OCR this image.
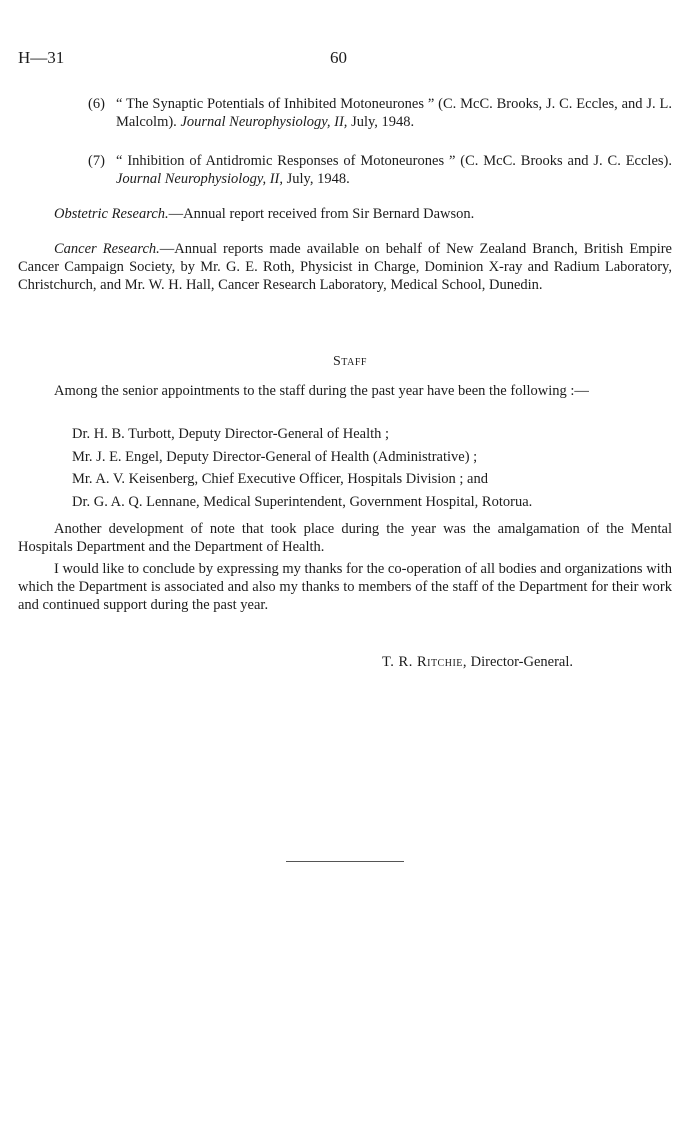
H—31	60
(6) “ The Synaptic Potentials of Inhibited Motoneurones ” (C. McC. Brooks, J. C. Eccles, and J. L. Malcolm). Journal Neurophysiology, II, July, 1948.
(7) “ Inhibition of Antidromic Responses of Motoneurones ” (C. McC. Brooks and J. C. Eccles). Journal Neurophysiology, II, July, 1948.
Obstetric Research.—Annual report received from Sir Bernard Dawson.
Cancer Research.—Annual reports made available on behalf of New Zealand Branch, British Empire Cancer Campaign Society, by Mr. G. E. Roth, Physicist in Charge, Dominion X-ray and Radium Laboratory, Christchurch, and Mr. W. H. Hall, Cancer Research Laboratory, Medical School, Dunedin.
Staff
Among the senior appointments to the staff during the past year have been the following :—
Dr. H. B. Turbott, Deputy Director-General of Health ;
Mr. J. E. Engel, Deputy Director-General of Health (Administrative) ;
Mr. A. V. Keisenberg, Chief Executive Officer, Hospitals Division ; and
Dr. G. A. Q. Lennane, Medical Superintendent, Government Hospital, Rotorua.
Another development of note that took place during the year was the amalgamation of the Mental Hospitals Department and the Department of Health.
I would like to conclude by expressing my thanks for the co-operation of all bodies and organizations with which the Department is associated and also my thanks to members of the staff of the Department for their work and continued support during the past year.
T. R. Ritchie, Director-General.
